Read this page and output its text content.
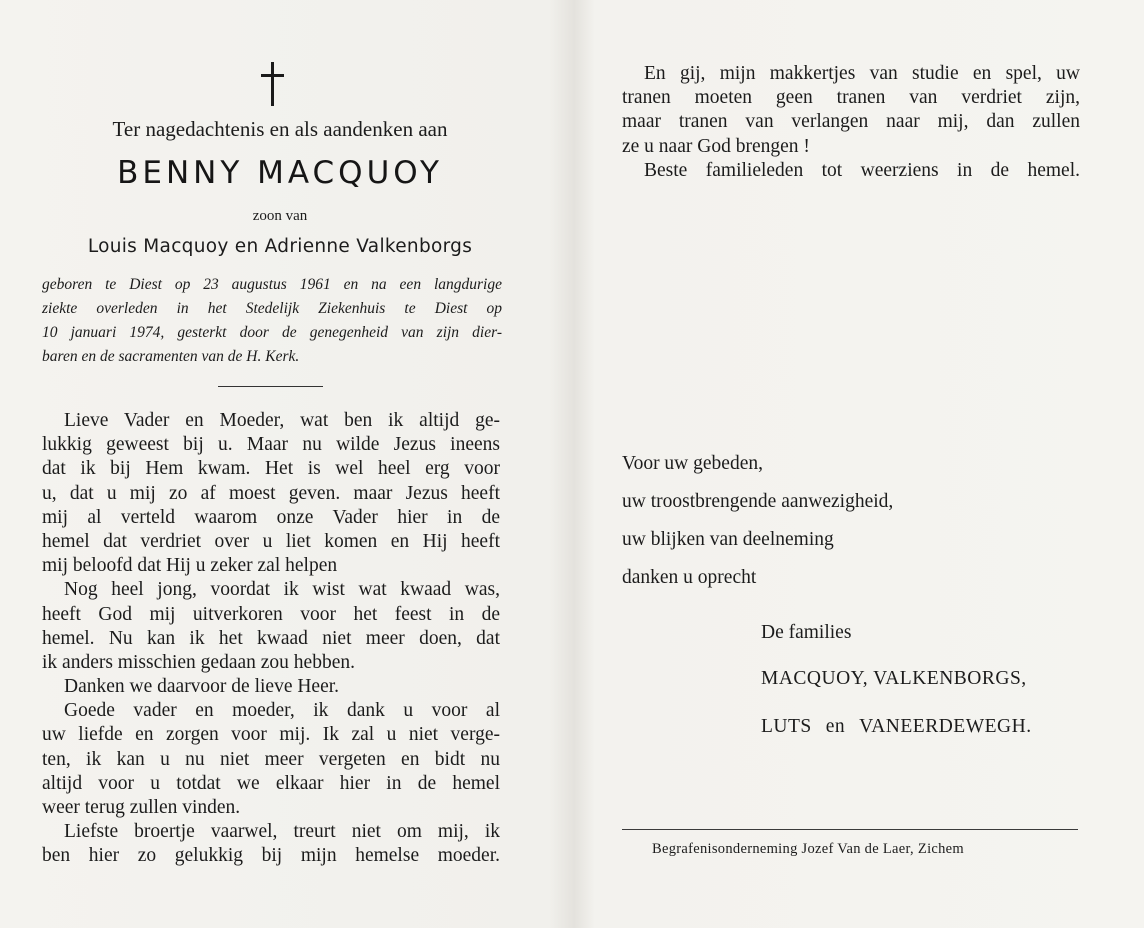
Ter nagedachtenis en als aandenken aan
BENNY MACQUOY
zoon van
Louis Macquoy en Adrienne Valkenborgs
geboren te Diest op 23 augustus 1961 en na een langdurige
ziekte overleden in het Stedelijk Ziekenhuis te Diest op
10 januari 1974, gesterkt door de genegenheid van zijn dier-
baren en de sacramenten van de H. Kerk.
Lieve Vader en Moeder, wat ben ik altijd ge-
lukkig geweest bij u. Maar nu wilde Jezus ineens
dat ik bij Hem kwam. Het is wel heel erg voor
u, dat u mij zo af moest geven. maar Jezus heeft
mij al verteld waarom onze Vader hier in de
hemel dat verdriet over u liet komen en Hij heeft
mij beloofd dat Hij u zeker zal helpen
Nog heel jong, voordat ik wist wat kwaad was,
heeft God mij uitverkoren voor het feest in de
hemel. Nu kan ik het kwaad niet meer doen, dat
ik anders misschien gedaan zou hebben.
Danken we daarvoor de lieve Heer.
Goede vader en moeder, ik dank u voor al
uw liefde en zorgen voor mij. Ik zal u niet verge-
ten, ik kan u nu niet meer vergeten en bidt nu
altijd voor u totdat we elkaar hier in de hemel
weer terug zullen vinden.
Liefste broertje vaarwel, treurt niet om mij, ik
ben hier zo gelukkig bij mijn hemelse moeder.
En gij, mijn makkertjes van studie en spel, uw
tranen moeten geen tranen van verdriet zijn,
maar tranen van verlangen naar mij, dan zullen
ze u naar God brengen !
Beste familieleden tot weerziens in de hemel.
Voor uw gebeden,
uw troostbrengende aanwezigheid,
uw blijken van deelneming
danken u oprecht
De families
MACQUOY, VALKENBORGS,
LUTS en VANEERDEWEGH.
Begrafenisonderneming Jozef Van de Laer, Zichem
